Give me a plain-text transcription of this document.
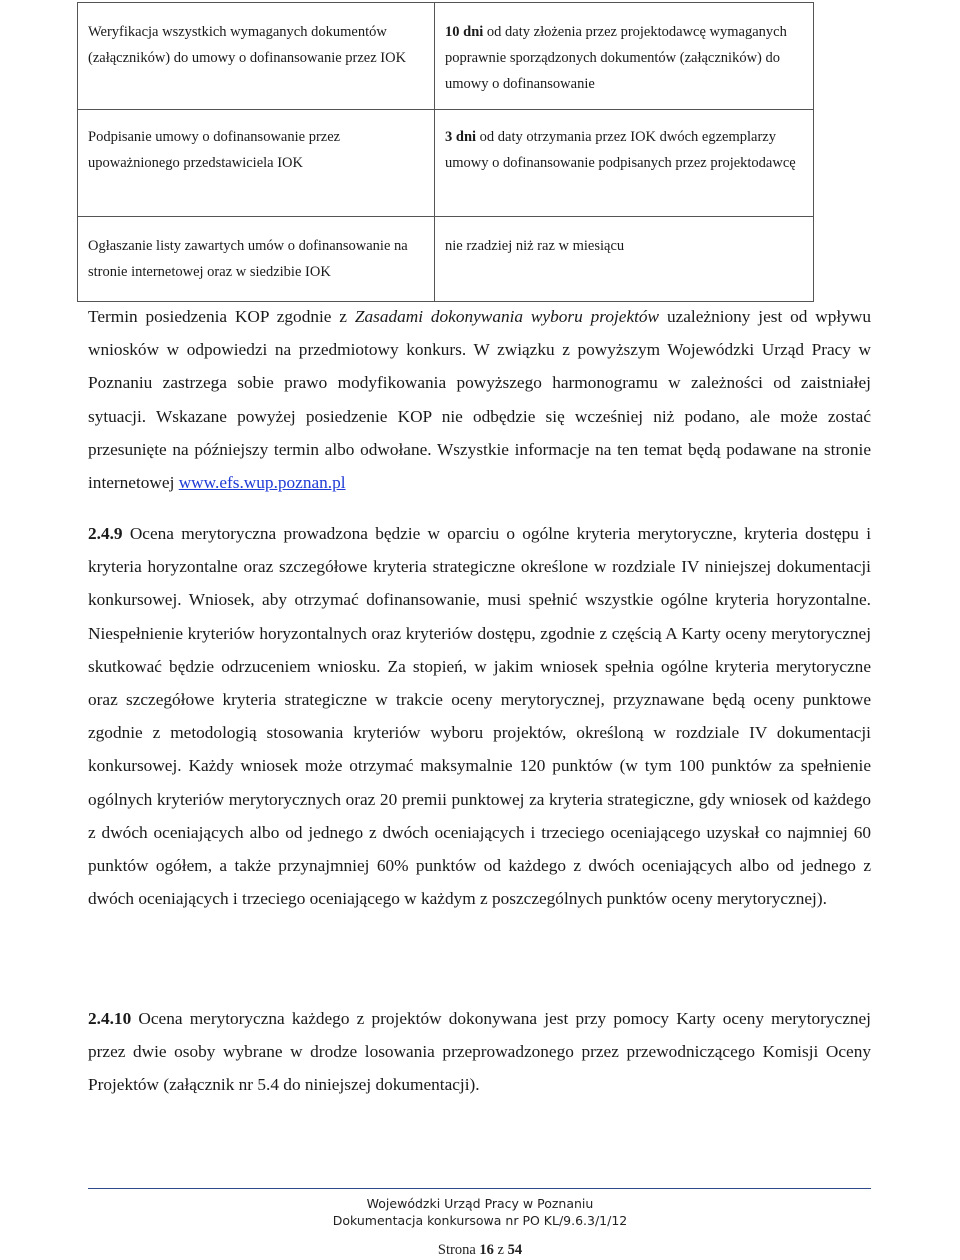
Weryfikacja wszystkich wymaganych dokumentów (załączników) do umowy o dofinansowanie przez IOK	10 dni od daty złożenia przez projektodawcę wymaganych poprawnie sporządzonych dokumentów (załączników) do umowy o dofinansowanie
Podpisanie umowy o dofinansowanie przez upoważnionego przedstawiciela IOK	3 dni od daty otrzymania przez IOK dwóch egzemplarzy umowy o dofinansowanie podpisanych przez projektodawcę
Ogłaszanie listy zawartych umów o dofinansowanie na stronie internetowej oraz w siedzibie IOK	nie rzadziej niż raz w miesiącu
Termin posiedzenia KOP zgodnie z Zasadami dokonywania wyboru projektów uzależniony jest od wpływu wniosków w odpowiedzi na przedmiotowy konkurs. W związku z powyższym Wojewódzki Urząd Pracy w Poznaniu zastrzega sobie prawo modyfikowania powyższego harmonogramu w zależności od zaistniałej sytuacji. Wskazane powyżej posiedzenie KOP nie odbędzie się wcześniej niż podano, ale może zostać przesunięte na późniejszy termin albo odwołane. Wszystkie informacje na ten temat będą podawane na stronie internetowej www.efs.wup.poznan.pl
2.4.9 Ocena merytoryczna prowadzona będzie w oparciu o ogólne kryteria merytoryczne, kryteria dostępu i kryteria horyzontalne oraz szczegółowe kryteria strategiczne określone w rozdziale IV niniejszej dokumentacji konkursowej. Wniosek, aby otrzymać dofinansowanie, musi spełnić wszystkie ogólne kryteria horyzontalne. Niespełnienie kryteriów horyzontalnych oraz kryteriów dostępu, zgodnie z częścią A Karty oceny merytorycznej skutkować będzie odrzuceniem wniosku. Za stopień, w jakim wniosek spełnia ogólne kryteria merytoryczne oraz szczegółowe kryteria strategiczne w trakcie oceny merytorycznej, przyznawane będą oceny punktowe zgodnie z metodologią stosowania kryteriów wyboru projektów, określoną w rozdziale IV dokumentacji konkursowej. Każdy wniosek może otrzymać maksymalnie 120 punktów (w tym 100 punktów za spełnienie ogólnych kryteriów merytorycznych oraz 20 premii punktowej za kryteria strategiczne, gdy wniosek od każdego z dwóch oceniających albo od jednego z dwóch oceniających i trzeciego oceniającego uzyskał co najmniej 60 punktów ogółem, a także przynajmniej 60% punktów od każdego z dwóch oceniających albo od jednego z dwóch oceniających i trzeciego oceniającego w każdym z poszczególnych punktów oceny merytorycznej).
2.4.10 Ocena merytoryczna każdego z projektów dokonywana jest przy pomocy Karty oceny merytorycznej przez dwie osoby wybrane w drodze losowania przeprowadzonego przez przewodniczącego Komisji Oceny Projektów (załącznik nr 5.4 do niniejszej dokumentacji).
Wojewódzki Urząd Pracy w Poznaniu
Dokumentacja konkursowa nr PO KL/9.6.3/1/12
Strona 16 z 54
